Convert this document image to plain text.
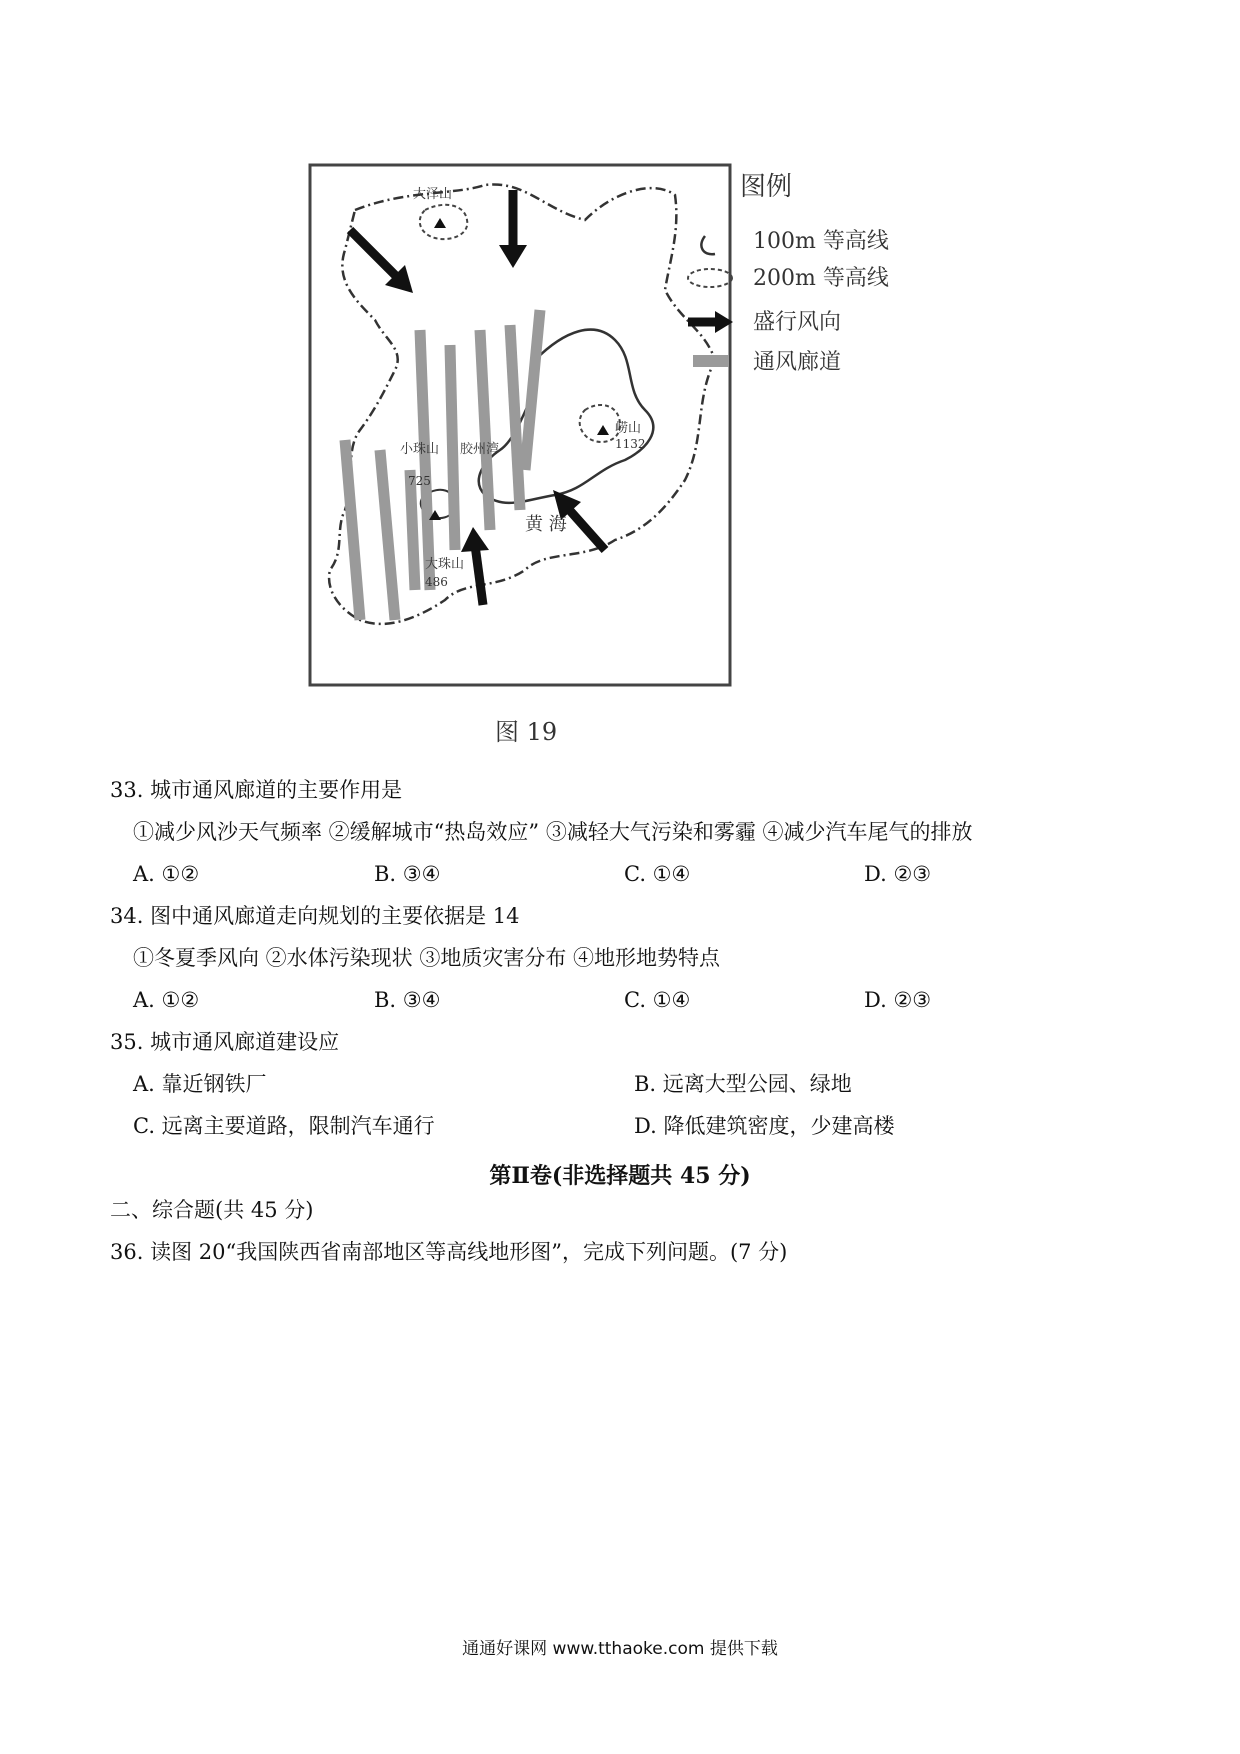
大泽山
崂山
1132
小珠山
725
胶州湾
黄 海
大珠山
486
图例
100m 等高线
200m 等高线
盛行风向
通风廊道
图 19
33. 城市通风廊道的主要作用是
①减少风沙天气频率 ②缓解城市“热岛效应” ③减轻大气污染和雾霾 ④减少汽车尾气的排放
A. ①②	B. ③④	C. ①④	D. ②③
34. 图中通风廊道走向规划的主要依据是 14
①冬夏季风向 ②水体污染现状 ③地质灾害分布 ④地形地势特点
A. ①②	B. ③④	C. ①④	D. ②③
35. 城市通风廊道建设应
A. 靠近钢铁厂	B. 远离大型公园、绿地
C. 远离主要道路，限制汽车通行	D. 降低建筑密度，少建高楼
第Ⅱ卷(非选择题共 45 分)
二、综合题(共 45 分)
36. 读图 20“我国陕西省南部地区等高线地形图”，完成下列问题。(7 分)
通通好课网 www.tthaoke.com 提供下载
